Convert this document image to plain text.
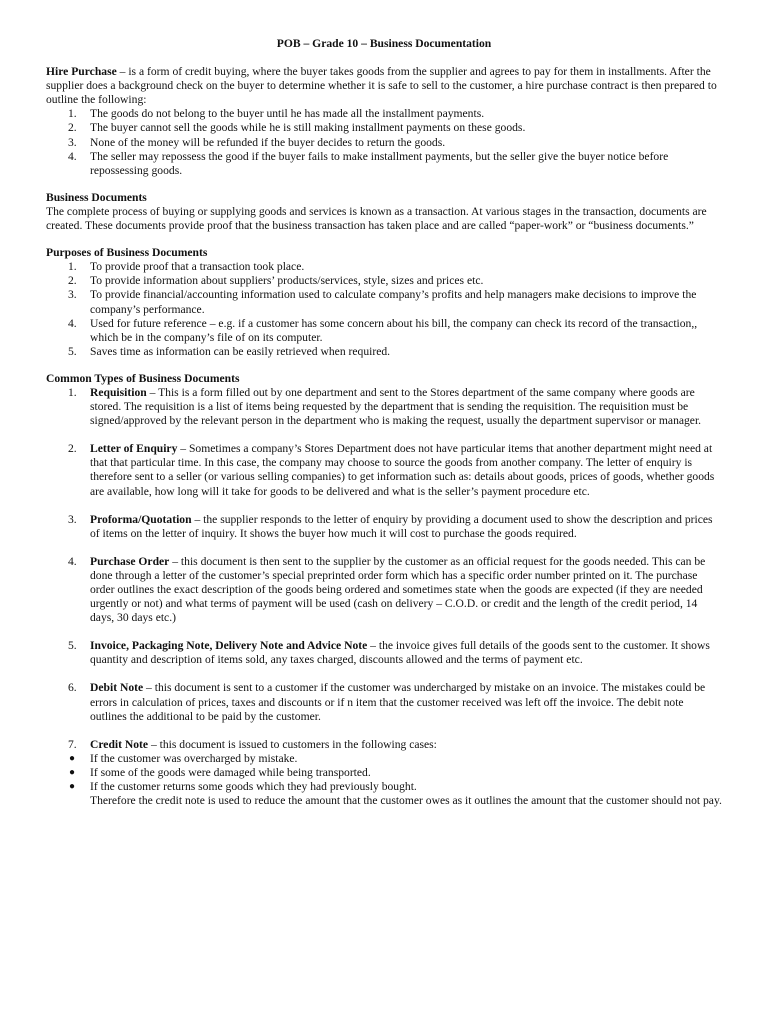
POB – Grade 10 – Business Documentation

Hire Purchase – is a form of credit buying, where the buyer takes goods from the supplier and agrees to pay for them in installments. After the supplier does a background check on the buyer to determine whether it is safe to sell to the customer, a hire purchase contract is then prepared to outline the following:

1. The goods do not belong to the buyer until he has made all the installment payments.
2. The buyer cannot sell the goods while he is still making installment payments on these goods.
3. None of the money will be refunded if the buyer decides to return the goods.
4. The seller may repossess the good if the buyer fails to make installment payments, but the seller give the buyer notice before repossessing goods.

Business Documents

The complete process of buying or supplying goods and services is known as a transaction. At various stages in the transaction, documents are created. These documents provide proof that the business transaction has taken place and are called “paper-work” or “business documents.”

Purposes of Business Documents

1. To provide proof that a transaction took place.
2. To provide information about suppliers’ products/services, style, sizes and prices etc.
3. To provide financial/accounting information used to calculate company’s profits and help managers make decisions to improve the company’s performance.
4. Used for future reference – e.g. if a customer has some concern about his bill, the company can check its record of the transaction,, which be in the company’s file of on its computer.
5. Saves time as information can be easily retrieved when required.

Common Types of Business Documents

1. Requisition – This is a form filled out by one department and sent to the Stores department of the same company where goods are stored. The requisition is a list of items being requested by the department that is sending the requisition. The requisition must be signed/approved by the relevant person in the department who is making the request, usually the department supervisor or manager.
2. Letter of Enquiry – Sometimes a company’s Stores Department does not have particular items that another department might need at that that particular time. In this case, the company may choose to source the goods from another company. The letter of enquiry is therefore sent to a seller (or various selling companies) to get information such as: details about goods, prices of goods, whether goods are available, how long will it take for goods to be delivered and what is the seller’s payment procedure etc.
3. Proforma/Quotation – the supplier responds to the letter of enquiry by providing a document used to show the description and prices of items on the letter of inquiry. It shows the buyer how much it will cost to purchase the goods required.
4. Purchase Order – this document is then sent to the supplier by the customer as an official request for the goods needed. This can be done through a letter of the customer’s special preprinted order form which has a specific order number printed on it. The purchase order outlines the exact description of the goods being ordered and sometimes state when the goods are expected (if they are needed urgently or not) and what terms of payment will be used (cash on delivery – C.O.D. or credit and the length of the credit period, 14 days, 30 days etc.)
5. Invoice, Packaging Note, Delivery Note and Advice Note – the invoice gives full details of the goods sent to the customer. It shows quantity and description of items sold, any taxes charged, discounts allowed and the terms of payment etc.
6. Debit Note – this document is sent to a customer if the customer was undercharged by mistake on an invoice. The mistakes could be errors in calculation of prices, taxes and discounts or if n item that the customer received was left off the invoice. The debit note outlines the additional to be paid by the customer.
7. Credit Note – this document is issued to customers in the following cases:
● If the customer was overcharged by mistake.
● If some of the goods were damaged while being transported.
● If the customer returns some goods which they had previously bought.

Therefore the credit note is used to reduce the amount that the customer owes as it outlines the amount that the customer should not pay.
